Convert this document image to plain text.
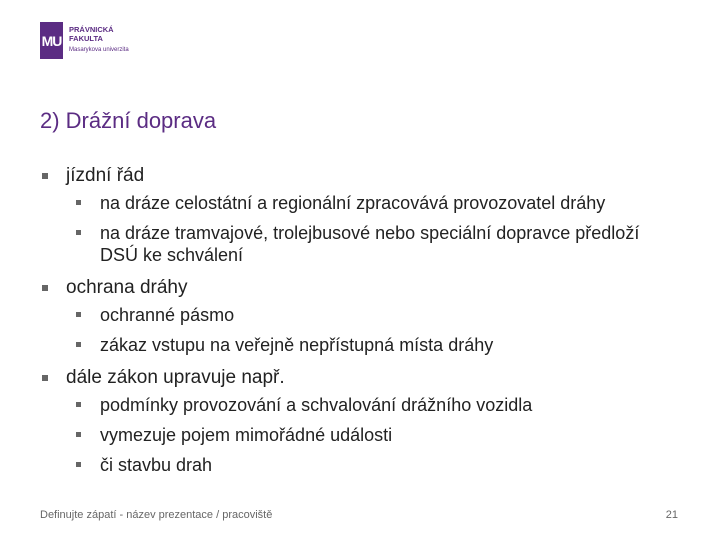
MU
PRÁVNICKÁ
FAKULTA
Masarykova univerzita
2) Drážní doprava
jízdní řád
na dráze celostátní a regionální zpracovává provozovatel dráhy
na dráze tramvajové, trolejbusové nebo speciální dopravce předloží DSÚ ke schválení
ochrana dráhy
ochranné pásmo
zákaz vstupu na veřejně nepřístupná místa dráhy
dále zákon upravuje např.
podmínky provozování a schvalování drážního vozidla
vymezuje pojem mimořádné události
či stavbu drah
Definujte zápatí - název prezentace / pracoviště	21
